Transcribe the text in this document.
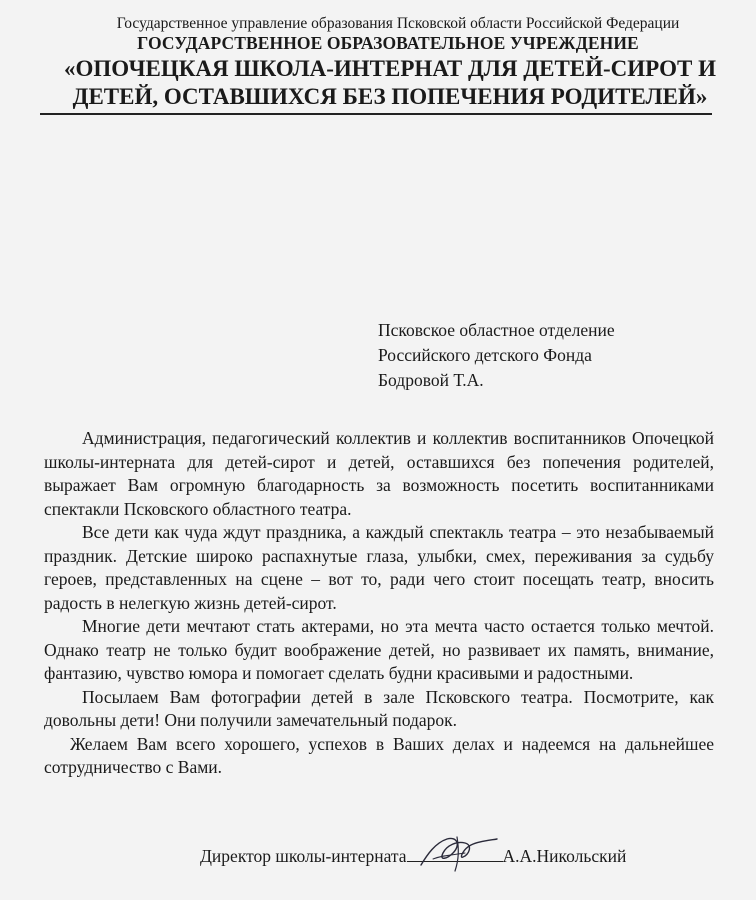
Государственное управление образования Псковской области Российской Федерации
ГОСУДАРСТВЕННОЕ ОБРАЗОВАТЕЛЬНОЕ УЧРЕЖДЕНИЕ
«ОПОЧЕЦКАЯ ШКОЛА-ИНТЕРНАТ ДЛЯ ДЕТЕЙ-СИРОТ И
ДЕТЕЙ, ОСТАВШИХСЯ БЕЗ ПОПЕЧЕНИЯ РОДИТЕЛЕЙ»
Псковское областное отделение
Российского детского Фонда
Бодровой Т.А.

Администрация, педагогический коллектив и коллектив воспитанников Опочецкой школы-интерната для детей-сирот и детей, оставшихся без попечения родителей, выражает Вам огромную благодарность за возможность посетить воспитанниками спектакли Псковского областного театра.

Все дети как чуда ждут праздника, а каждый спектакль театра – это незабываемый праздник. Детские широко распахнутые глаза, улыбки, смех, переживания за судьбу героев, представленных на сцене – вот то, ради чего стоит посещать театр, вносить радость в нелегкую жизнь детей-сирот.

Многие дети мечтают стать актерами, но эта мечта часто остается только мечтой. Однако театр не только будит воображение детей, но развивает их память, внимание, фантазию, чувство юмора и помогает сделать будни красивыми и радостными.

Посылаем Вам фотографии детей в зале Псковского театра. Посмотрите, как довольны дети! Они получили замечательный подарок.

Желаем Вам всего хорошего, успехов в Ваших делах и надеемся на дальнейшее сотрудничество с Вами.

Директор школы-интерната	А.А.Никольский
